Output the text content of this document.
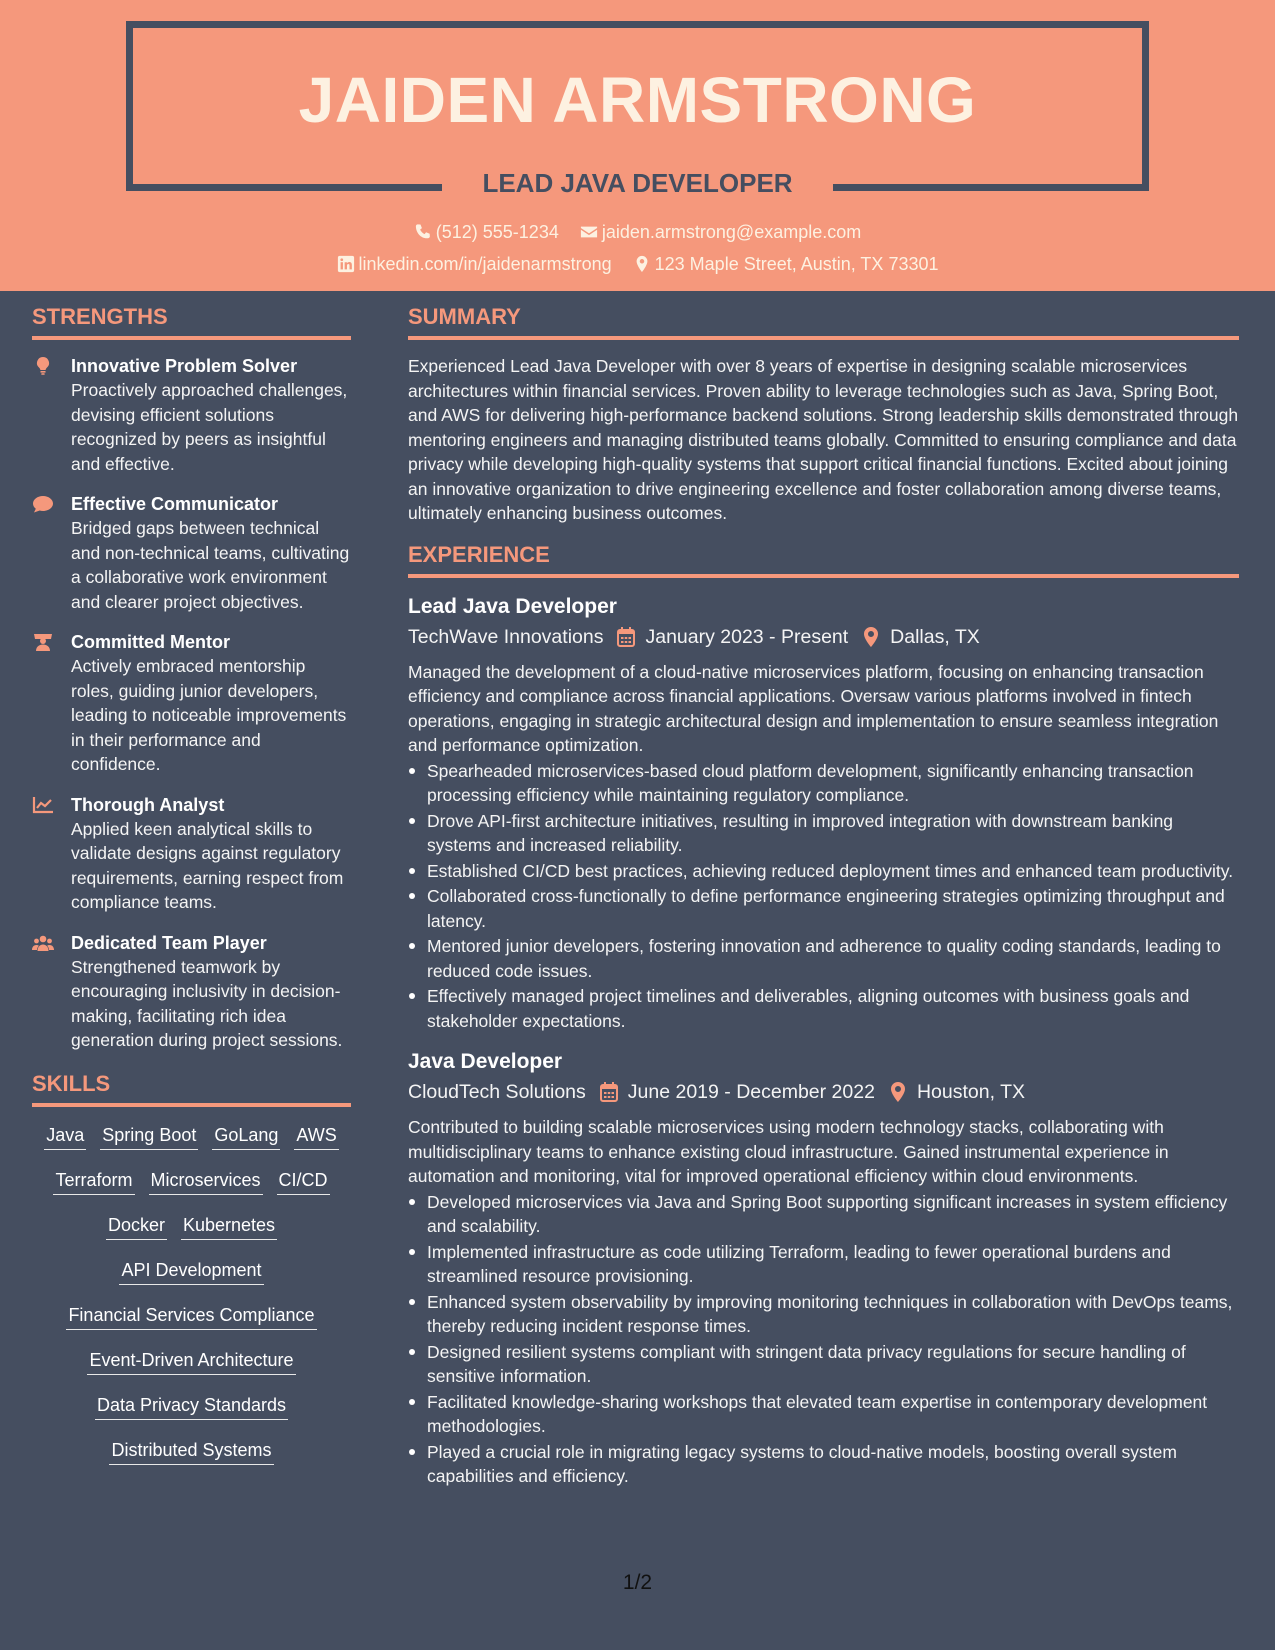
JAIDEN ARMSTRONG
LEAD JAVA DEVELOPER
(512) 555-1234
jaiden.armstrong@example.com
linkedin.com/in/jaidenarmstrong
123 Maple Street, Austin, TX 73301
STRENGTHS
Innovative Problem Solver
Proactively approached challenges, devising efficient solutions recognized by peers as insightful and effective.
Effective Communicator
Bridged gaps between technical and non-technical teams, cultivating a collaborative work environment and clearer project objectives.
Committed Mentor
Actively embraced mentorship roles, guiding junior developers, leading to noticeable improvements in their performance and confidence.
Thorough Analyst
Applied keen analytical skills to validate designs against regulatory requirements, earning respect from compliance teams.
Dedicated Team Player
Strengthened teamwork by encouraging inclusivity in decision-making, facilitating rich idea generation during project sessions.
SKILLS
Java Spring Boot GoLang AWS
Terraform Microservices CI/CD
Docker Kubernetes
API Development
Financial Services Compliance
Event-Driven Architecture
Data Privacy Standards
Distributed Systems
SUMMARY
Experienced Lead Java Developer with over 8 years of expertise in designing scalable microservices architectures within financial services. Proven ability to leverage technologies such as Java, Spring Boot, and AWS for delivering high-performance backend solutions. Strong leadership skills demonstrated through mentoring engineers and managing distributed teams globally. Committed to ensuring compliance and data privacy while developing high-quality systems that support critical financial functions. Excited about joining an innovative organization to drive engineering excellence and foster collaboration among diverse teams, ultimately enhancing business outcomes.
EXPERIENCE
Lead Java Developer
TechWave Innovations January 2023 - Present Dallas, TX
Managed the development of a cloud-native microservices platform, focusing on enhancing transaction efficiency and compliance across financial applications. Oversaw various platforms involved in fintech operations, engaging in strategic architectural design and implementation to ensure seamless integration and performance optimization.
Spearheaded microservices-based cloud platform development, significantly enhancing transaction processing efficiency while maintaining regulatory compliance.
Drove API-first architecture initiatives, resulting in improved integration with downstream banking systems and increased reliability.
Established CI/CD best practices, achieving reduced deployment times and enhanced team productivity.
Collaborated cross-functionally to define performance engineering strategies optimizing throughput and latency.
Mentored junior developers, fostering innovation and adherence to quality coding standards, leading to reduced code issues.
Effectively managed project timelines and deliverables, aligning outcomes with business goals and stakeholder expectations.
Java Developer
CloudTech Solutions June 2019 - December 2022 Houston, TX
Contributed to building scalable microservices using modern technology stacks, collaborating with multidisciplinary teams to enhance existing cloud infrastructure. Gained instrumental experience in automation and monitoring, vital for improved operational efficiency within cloud environments.
Developed microservices via Java and Spring Boot supporting significant increases in system efficiency and scalability.
Implemented infrastructure as code utilizing Terraform, leading to fewer operational burdens and streamlined resource provisioning.
Enhanced system observability by improving monitoring techniques in collaboration with DevOps teams, thereby reducing incident response times.
Designed resilient systems compliant with stringent data privacy regulations for secure handling of sensitive information.
Facilitated knowledge-sharing workshops that elevated team expertise in contemporary development methodologies.
Played a crucial role in migrating legacy systems to cloud-native models, boosting overall system capabilities and efficiency.
1/2
